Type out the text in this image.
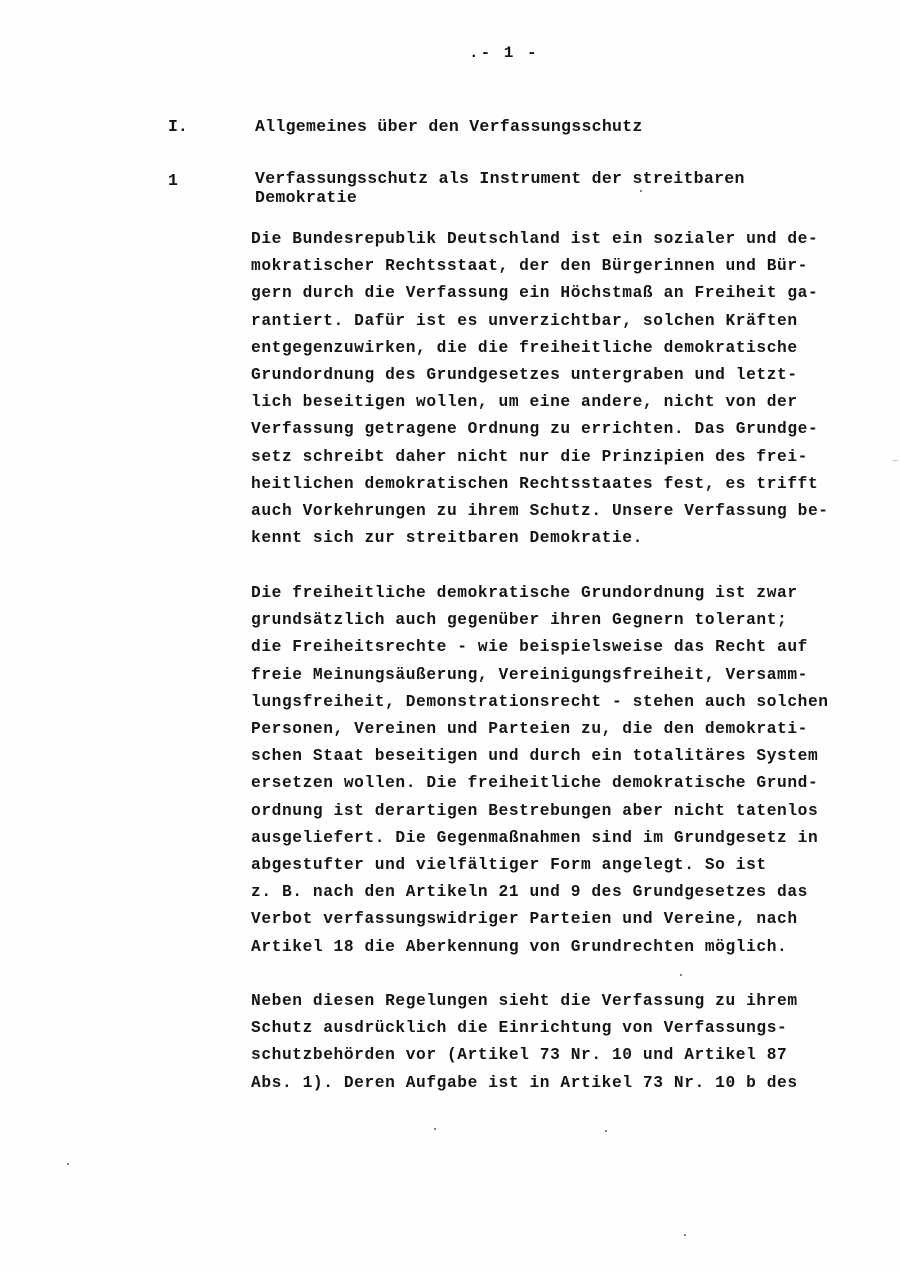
.- 1 -
I.	Allgemeines über den Verfassungsschutz
1	Verfassungsschutz als Instrument der streitbaren
Demokratie
Die Bundesrepublik Deutschland ist ein sozialer und de-
mokratischer Rechtsstaat, der den Bürgerinnen und Bür-
gern durch die Verfassung ein Höchstmaß an Freiheit ga-
rantiert. Dafür ist es unverzichtbar, solchen Kräften
entgegenzuwirken, die die freiheitliche demokratische
Grundordnung des Grundgesetzes untergraben und letzt-
lich beseitigen wollen, um eine andere, nicht von der
Verfassung getragene Ordnung zu errichten. Das Grundge-
setz schreibt daher nicht nur die Prinzipien des frei-
heitlichen demokratischen Rechtsstaates fest, es trifft
auch Vorkehrungen zu ihrem Schutz. Unsere Verfassung be-
kennt sich zur streitbaren Demokratie.
Die freiheitliche demokratische Grundordnung ist zwar
grundsätzlich auch gegenüber ihren Gegnern tolerant;
die Freiheitsrechte - wie beispielsweise das Recht auf
freie Meinungsäußerung, Vereinigungsfreiheit, Versamm-
lungsfreiheit, Demonstrationsrecht - stehen auch solchen
Personen, Vereinen und Parteien zu, die den demokrati-
schen Staat beseitigen und durch ein totalitäres System
ersetzen wollen. Die freiheitliche demokratische Grund-
ordnung ist derartigen Bestrebungen aber nicht tatenlos
ausgeliefert. Die Gegenmaßnahmen sind im Grundgesetz in
abgestufter und vielfältiger Form angelegt. So ist
z. B. nach den Artikeln 21 und 9 des Grundgesetzes das
Verbot verfassungswidriger Parteien und Vereine, nach
Artikel 18 die Aberkennung von Grundrechten möglich.
Neben diesen Regelungen sieht die Verfassung zu ihrem
Schutz ausdrücklich die Einrichtung von Verfassungs-
schutzbehörden vor (Artikel 73 Nr. 10 und Artikel 87
Abs. 1). Deren Aufgabe ist in Artikel 73 Nr. 10 b des
